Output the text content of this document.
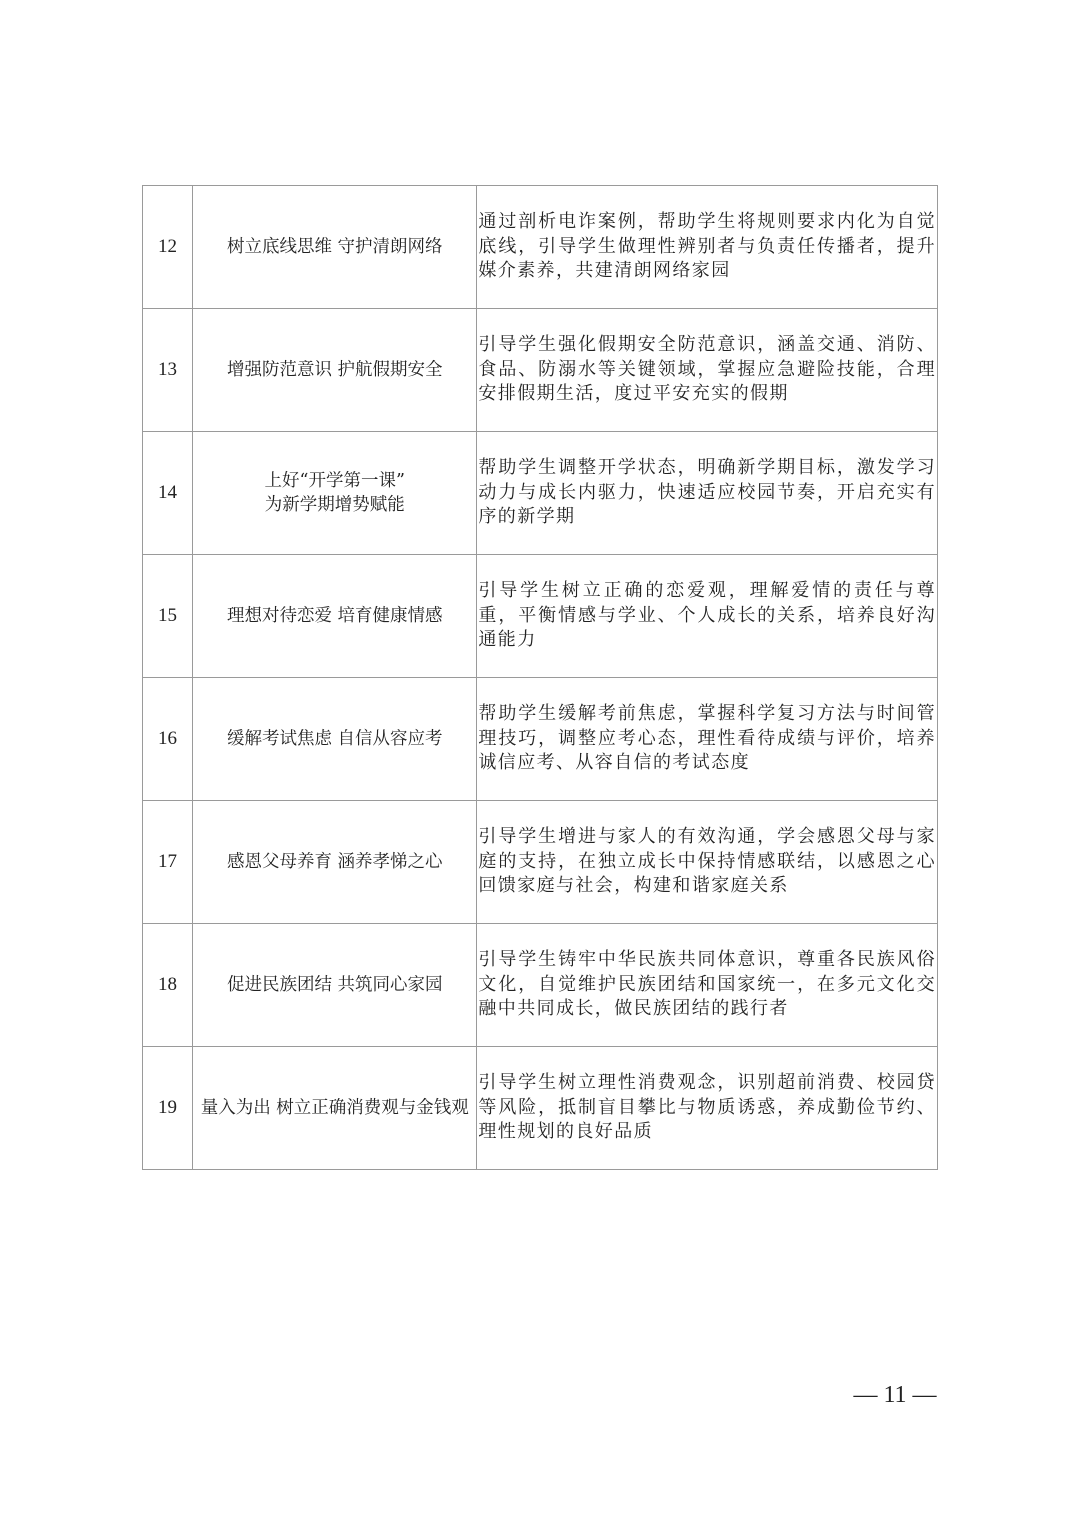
12	树立底线思维 守护清朗网络	通过剖析电诈案例，帮助学生将规则要求内化为自觉底线，引导学生做理性辨别者与负责任传播者，提升媒介素养，共建清朗网络家园
13	增强防范意识 护航假期安全	引导学生强化假期安全防范意识，涵盖交通、消防、食品、防溺水等关键领域，掌握应急避险技能，合理安排假期生活，度过平安充实的假期
14	上好“开学第一课”
为新学期增势赋能	帮助学生调整开学状态，明确新学期目标，激发学习动力与成长内驱力，快速适应校园节奏，开启充实有序的新学期
15	理想对待恋爱 培育健康情感	引导学生树立正确的恋爱观，理解爱情的责任与尊重，平衡情感与学业、个人成长的关系，培养良好沟通能力
16	缓解考试焦虑 自信从容应考	帮助学生缓解考前焦虑，掌握科学复习方法与时间管理技巧，调整应考心态，理性看待成绩与评价，培养诚信应考、从容自信的考试态度
17	感恩父母养育 涵养孝悌之心	引导学生增进与家人的有效沟通，学会感恩父母与家庭的支持，在独立成长中保持情感联结，以感恩之心回馈家庭与社会，构建和谐家庭关系
18	促进民族团结 共筑同心家园	引导学生铸牢中华民族共同体意识，尊重各民族风俗文化，自觉维护民族团结和国家统一，在多元文化交融中共同成长，做民族团结的践行者
19	量入为出 树立正确消费观与金钱观	引导学生树立理性消费观念，识别超前消费、校园贷等风险，抵制盲目攀比与物质诱惑，养成勤俭节约、理性规划的良好品质
— 11 —
